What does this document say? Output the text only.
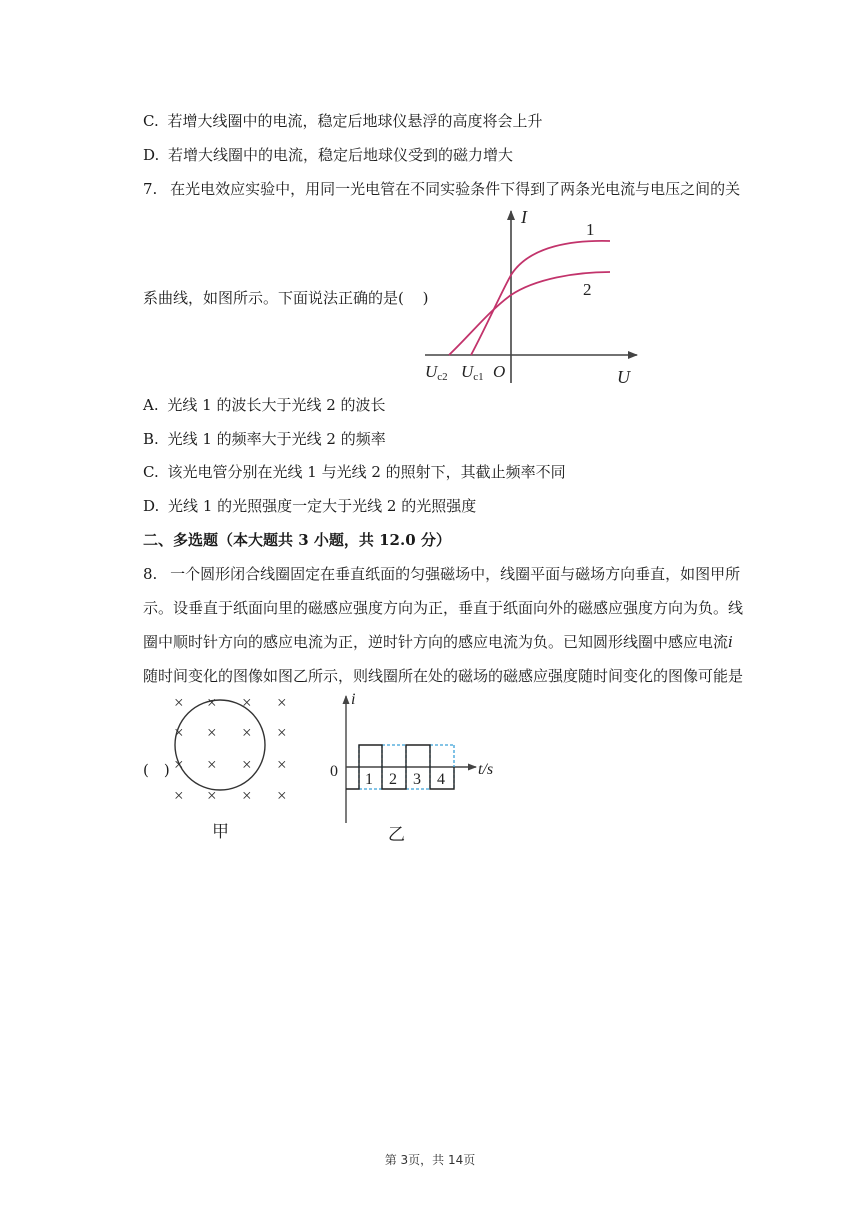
C. 若增大线圈中的电流，稳定后地球仪悬浮的高度将会上升
D. 若增大线圈中的电流，稳定后地球仪受到的磁力增大
7. 在光电效应实验中，用同一光电管在不同实验条件下得到了两条光电流与电压之间的关
系曲线，如图所示。下面说法正确的是( )
I
U
O
1
2
Uc2 Uc1
A. 光线 1 的波长大于光线 2 的波长
B. 光线 1 的频率大于光线 2 的频率
C. 该光电管分别在光线 1 与光线 2 的照射下，其截止频率不同
D. 光线 1 的光照强度一定大于光线 2 的光照强度
二、多选题（本大题共 3 小题，共 12.0 分）
8. 一个圆形闭合线圈固定在垂直纸面的匀强磁场中，线圈平面与磁场方向垂直，如图甲所
示。设垂直于纸面向里的磁感应强度方向为正，垂直于纸面向外的磁感应强度方向为负。线
圈中顺时针方向的感应电流为正，逆时针方向的感应电流为负。已知圆形线圈中感应电流i
随时间变化的图像如图乙所示，则线圈所在处的磁场的磁感应强度随时间变化的图像可能是
(　)
× × × ×
× × × ×
× × × ×
× × × ×
甲
i
t/s
0 1 2 3 4
乙
第 3页，共 14页
